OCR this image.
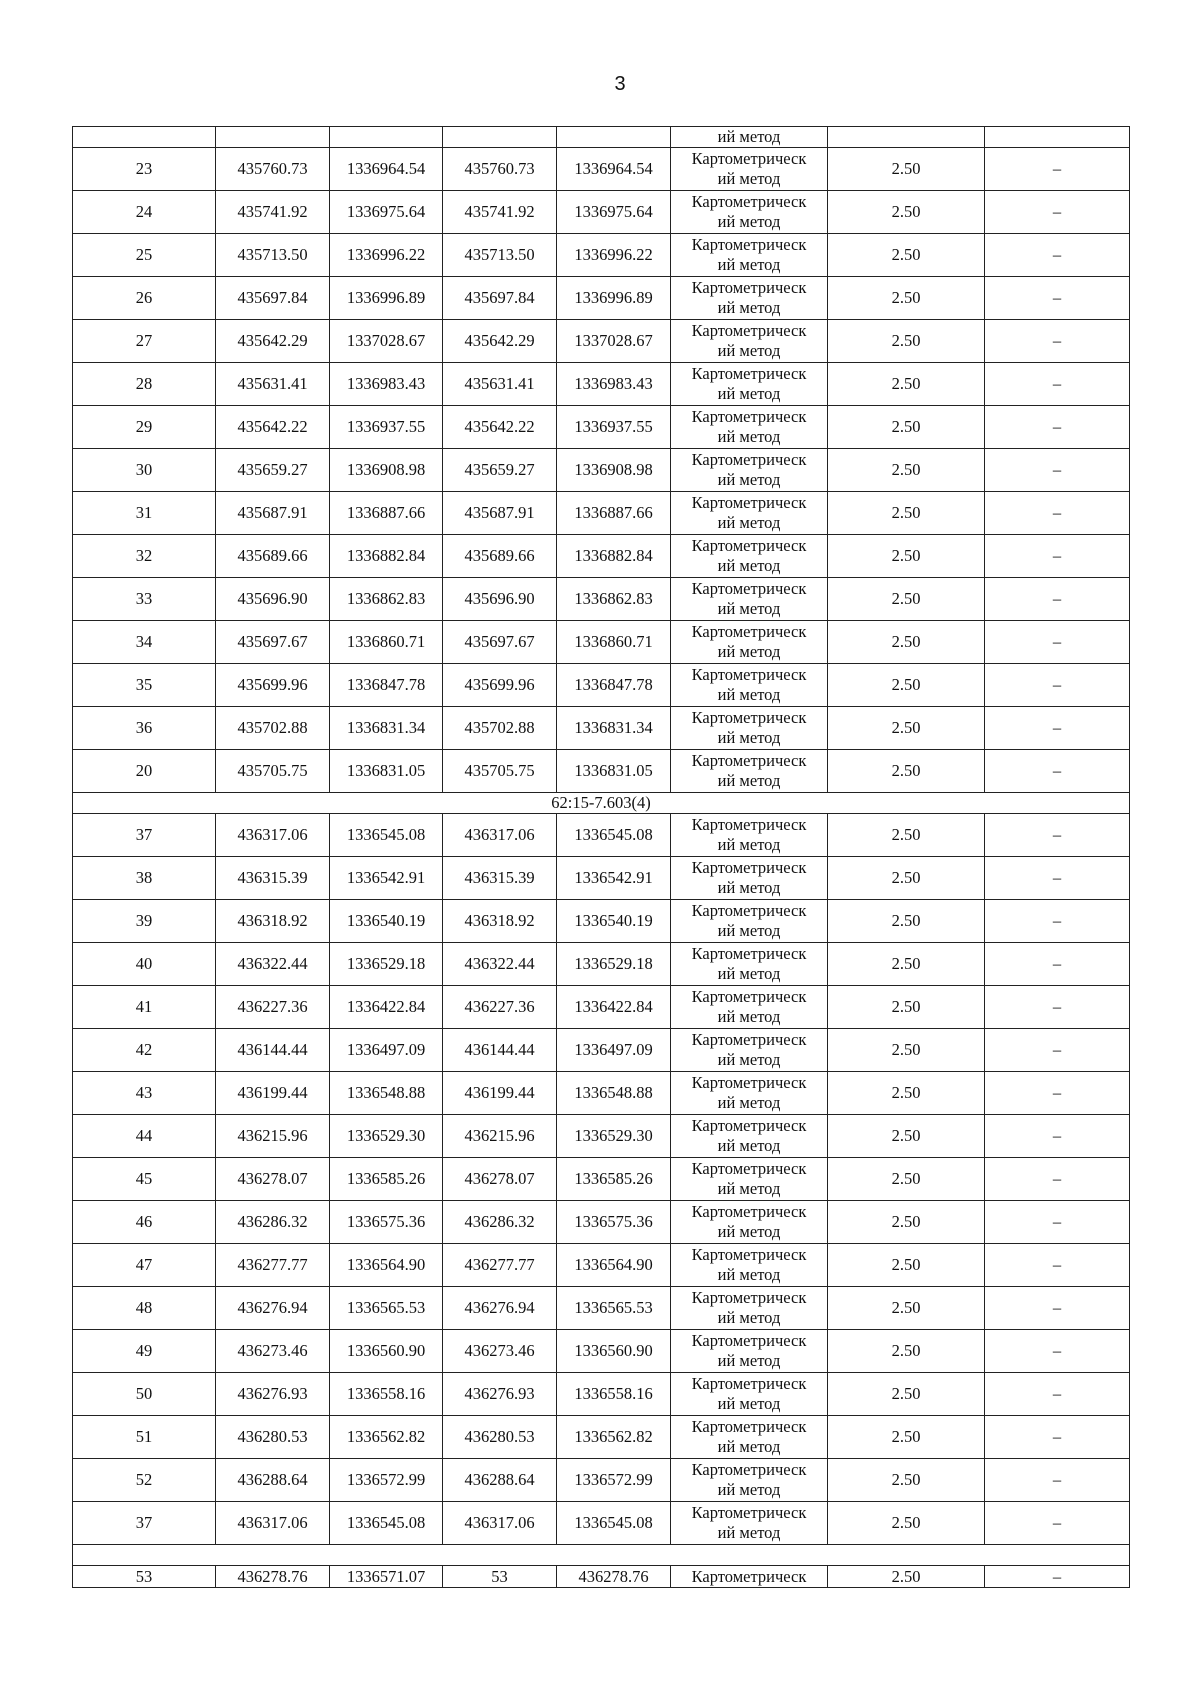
3
					ий метод		
23	435760.73	1336964.54	435760.73	1336964.54	Картометрическ
ий метод	2.50	–
24	435741.92	1336975.64	435741.92	1336975.64	Картометрическ
ий метод	2.50	–
25	435713.50	1336996.22	435713.50	1336996.22	Картометрическ
ий метод	2.50	–
26	435697.84	1336996.89	435697.84	1336996.89	Картометрическ
ий метод	2.50	–
27	435642.29	1337028.67	435642.29	1337028.67	Картометрическ
ий метод	2.50	–
28	435631.41	1336983.43	435631.41	1336983.43	Картометрическ
ий метод	2.50	–
29	435642.22	1336937.55	435642.22	1336937.55	Картометрическ
ий метод	2.50	–
30	435659.27	1336908.98	435659.27	1336908.98	Картометрическ
ий метод	2.50	–
31	435687.91	1336887.66	435687.91	1336887.66	Картометрическ
ий метод	2.50	–
32	435689.66	1336882.84	435689.66	1336882.84	Картометрическ
ий метод	2.50	–
33	435696.90	1336862.83	435696.90	1336862.83	Картометрическ
ий метод	2.50	–
34	435697.67	1336860.71	435697.67	1336860.71	Картометрическ
ий метод	2.50	–
35	435699.96	1336847.78	435699.96	1336847.78	Картометрическ
ий метод	2.50	–
36	435702.88	1336831.34	435702.88	1336831.34	Картометрическ
ий метод	2.50	–
20	435705.75	1336831.05	435705.75	1336831.05	Картометрическ
ий метод	2.50	–
62:15-7.603(4)							
37	436317.06	1336545.08	436317.06	1336545.08	Картометрическ
ий метод	2.50	–
38	436315.39	1336542.91	436315.39	1336542.91	Картометрическ
ий метод	2.50	–
39	436318.92	1336540.19	436318.92	1336540.19	Картометрическ
ий метод	2.50	–
40	436322.44	1336529.18	436322.44	1336529.18	Картометрическ
ий метод	2.50	–
41	436227.36	1336422.84	436227.36	1336422.84	Картометрическ
ий метод	2.50	–
42	436144.44	1336497.09	436144.44	1336497.09	Картометрическ
ий метод	2.50	–
43	436199.44	1336548.88	436199.44	1336548.88	Картометрическ
ий метод	2.50	–
44	436215.96	1336529.30	436215.96	1336529.30	Картометрическ
ий метод	2.50	–
45	436278.07	1336585.26	436278.07	1336585.26	Картометрическ
ий метод	2.50	–
46	436286.32	1336575.36	436286.32	1336575.36	Картометрическ
ий метод	2.50	–
47	436277.77	1336564.90	436277.77	1336564.90	Картометрическ
ий метод	2.50	–
48	436276.94	1336565.53	436276.94	1336565.53	Картометрическ
ий метод	2.50	–
49	436273.46	1336560.90	436273.46	1336560.90	Картометрическ
ий метод	2.50	–
50	436276.93	1336558.16	436276.93	1336558.16	Картометрическ
ий метод	2.50	–
51	436280.53	1336562.82	436280.53	1336562.82	Картометрическ
ий метод	2.50	–
52	436288.64	1336572.99	436288.64	1336572.99	Картометрическ
ий метод	2.50	–
37	436317.06	1336545.08	436317.06	1336545.08	Картометрическ
ий метод	2.50	–

53	436278.76	1336571.07	53	436278.76	Картометрическ	2.50	–
